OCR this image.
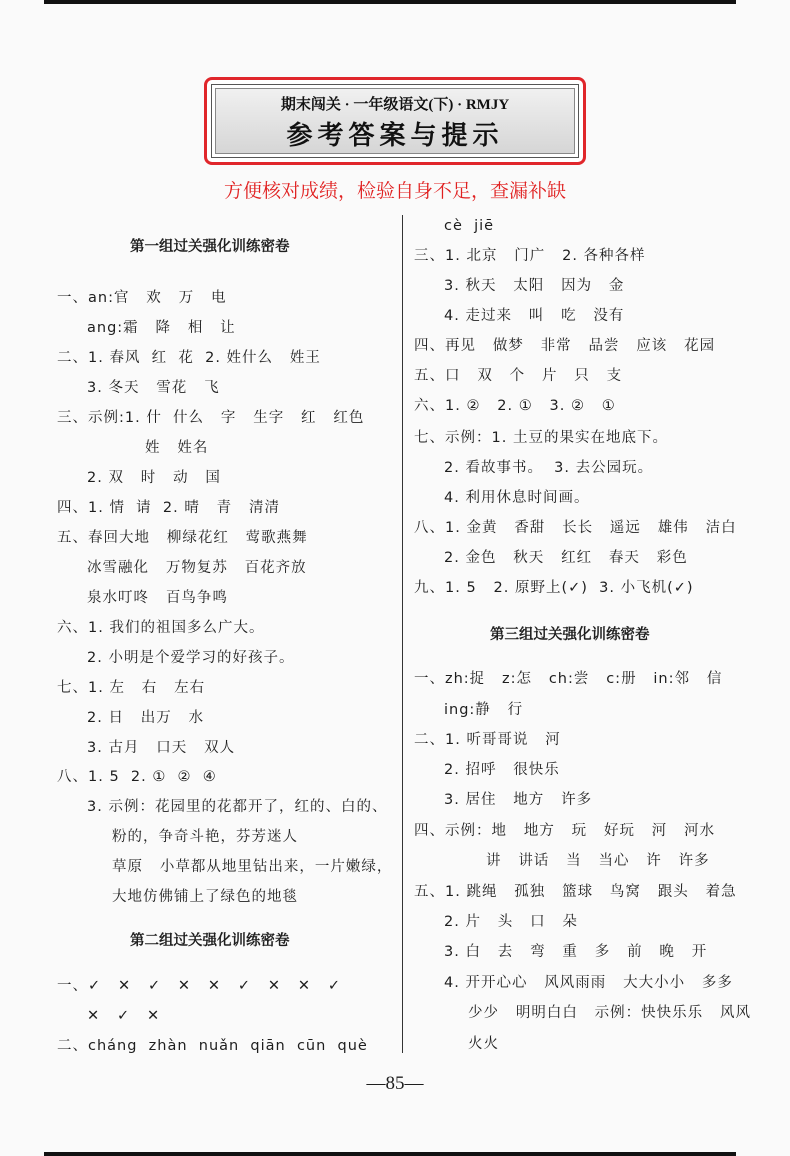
期末闯关 · 一年级语文(下) · RMJY
参考答案与提示
方便核对成绩，检验自身不足，查漏补缺
第一组过关强化训练密卷
一、an:官   欢   万   电
ang:霜   降   相   让
二、1. 春风  红  花  2. 姓什么   姓王
3. 冬天   雪花   飞
三、示例:1. 什  什么   字   生字   红   红色
姓   姓名
2. 双   时   动   国
四、1. 情  请  2. 晴   青   清清
五、春回大地   柳绿花红   莺歌燕舞
冰雪融化   万物复苏   百花齐放
泉水叮咚   百鸟争鸣
六、1. 我们的祖国多么广大。
2. 小明是个爱学习的好孩子。
七、1. 左   右   左右
2. 日   出万   水
3. 古月   口天   双人
八、1. 5  2. ①  ②  ④
3. 示例：花园里的花都开了，红的、白的、
粉的，争奇斗艳，芬芳迷人
草原   小草都从地里钻出来，一片嫩绿，
大地仿佛铺上了绿色的地毯
第二组过关强化训练密卷
一、✓   ✕   ✓   ✕   ✕   ✓   ✕   ✕   ✓
✕   ✓   ✕
二、cháng  zhàn  nuǎn  qiān  cūn  què
cè  jiē
三、1. 北京   门广   2. 各种各样
3. 秋天   太阳   因为   金
4. 走过来   叫   吃   没有
四、再见   做梦   非常   品尝   应该   花园
五、口   双   个   片   只   支
六、1. ②   2. ①   3. ②   ①
七、示例：1. 土豆的果实在地底下。
2. 看故事书。  3. 去公园玩。
4. 利用休息时间画。
八、1. 金黄   香甜   长长   遥远   雄伟   洁白
2. 金色   秋天   红红   春天   彩色
九、1. 5   2. 原野上(✓)  3. 小飞机(✓)
第三组过关强化训练密卷
一、zh:捉   z:怎   ch:尝   c:册   in:邻   信
ing:静   行
二、1. 听哥哥说   河
2. 招呼   很快乐
3. 居住   地方   许多
四、示例：地   地方   玩   好玩   河   河水
讲   讲话   当   当心   许   许多
五、1. 跳绳   孤独   篮球   鸟窝   跟头   着急
2. 片   头   口   朵
3. 白   去   弯   重   多   前   晚   开
4. 开开心心   风风雨雨   大大小小   多多
少少   明明白白   示例：快快乐乐   风风
火火
—85—
